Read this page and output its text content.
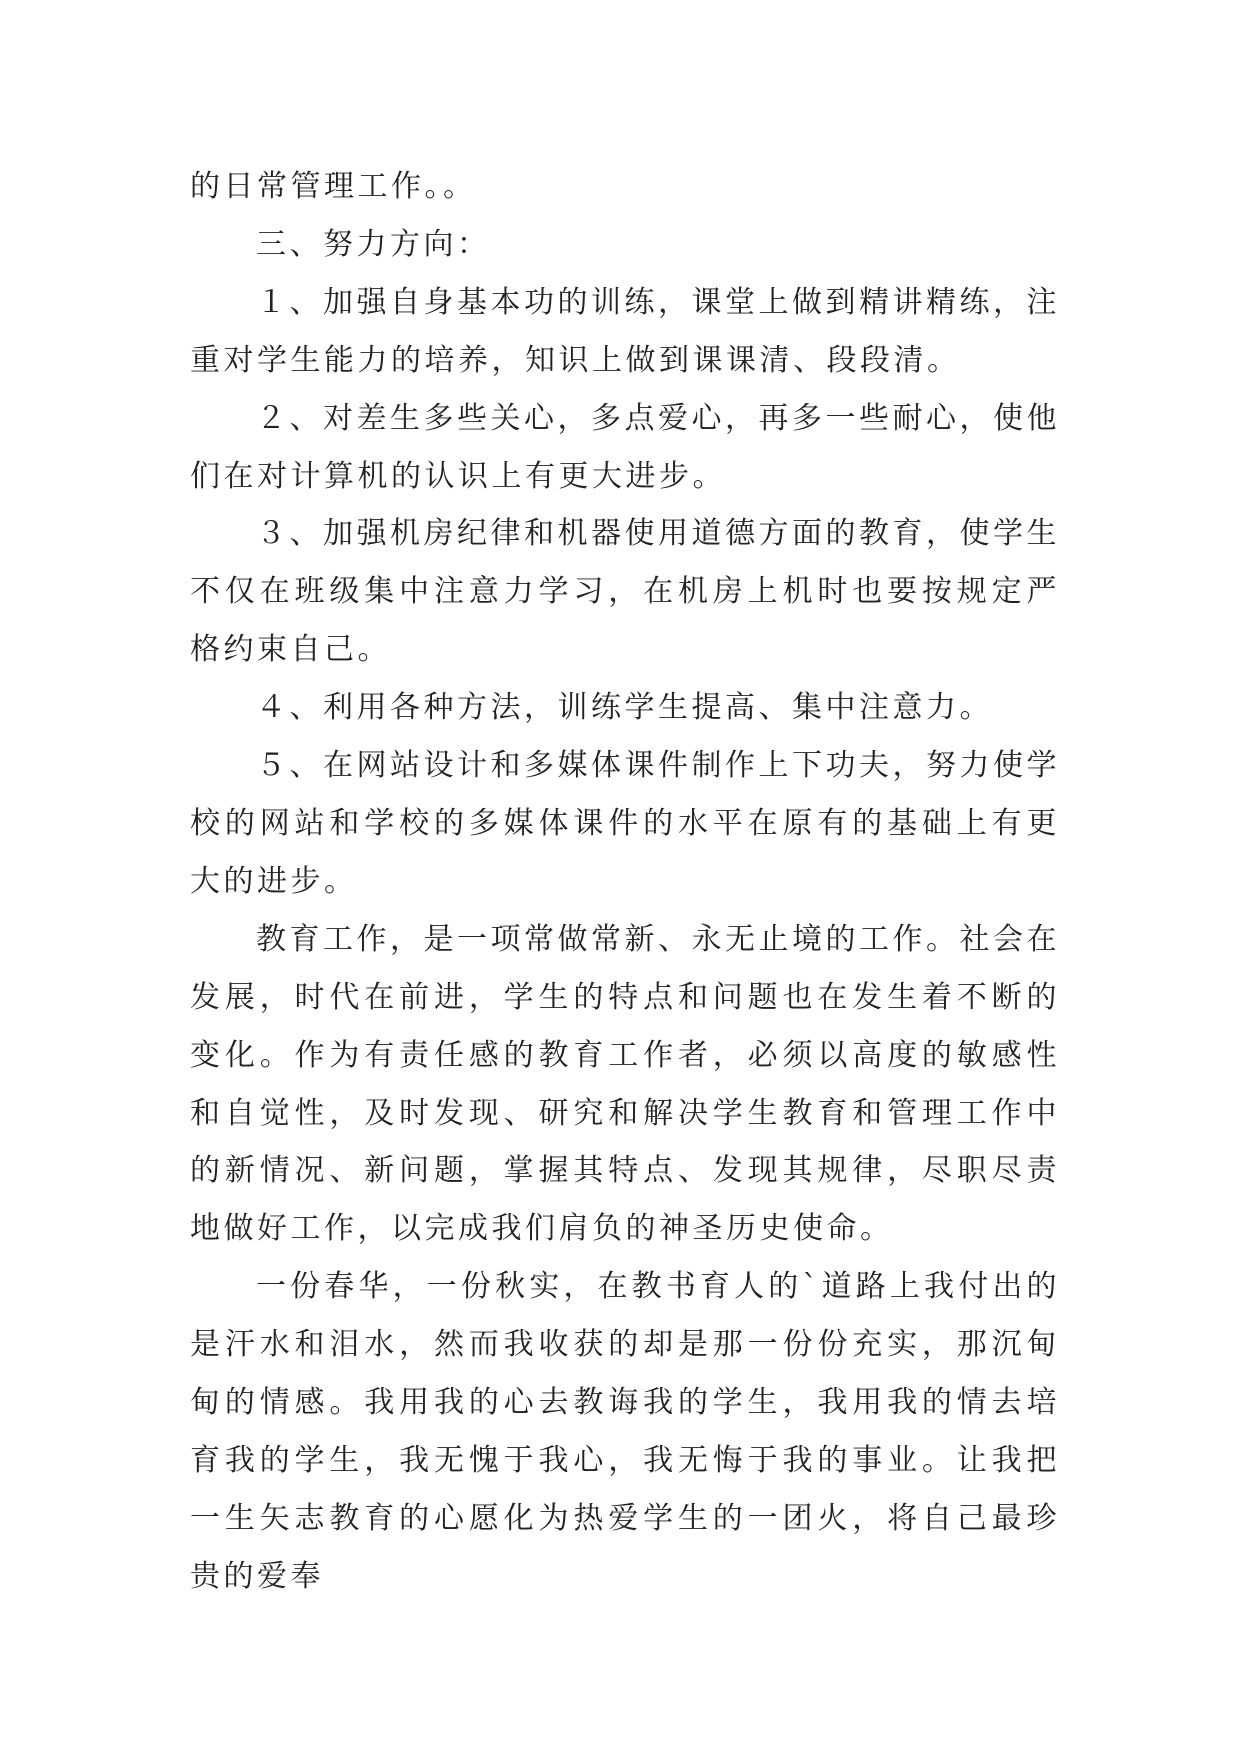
的日常管理工作。。

三、努力方向：

１、加强自身基本功的训练，课堂上做到精讲精练，注重对学生能力的培养，知识上做到课课清、段段清。

２、对差生多些关心，多点爱心，再多一些耐心，使他们在对计算机的认识上有更大进步。

３、加强机房纪律和机器使用道德方面的教育，使学生不仅在班级集中注意力学习，在机房上机时也要按规定严格约束自己。

４、利用各种方法，训练学生提高、集中注意力。

５、在网站设计和多媒体课件制作上下功夫，努力使学校的网站和学校的多媒体课件的水平在原有的基础上有更大的进步。

教育工作，是一项常做常新、永无止境的工作。社会在发展，时代在前进，学生的特点和问题也在发生着不断的变化。作为有责任感的教育工作者，必须以高度的敏感性和自觉性，及时发现、研究和解决学生教育和管理工作中的新情况、新问题，掌握其特点、发现其规律，尽职尽责地做好工作，以完成我们肩负的神圣历史使命。

一份春华，一份秋实，在教书育人的`道路上我付出的是汗水和泪水，然而我收获的却是那一份份充实，那沉甸甸的情感。我用我的心去教诲我的学生，我用我的情去培育我的学生，我无愧于我心，我无悔于我的事业。让我把一生矢志教育的心愿化为热爱学生的一团火，将自己最珍贵的爱奉
